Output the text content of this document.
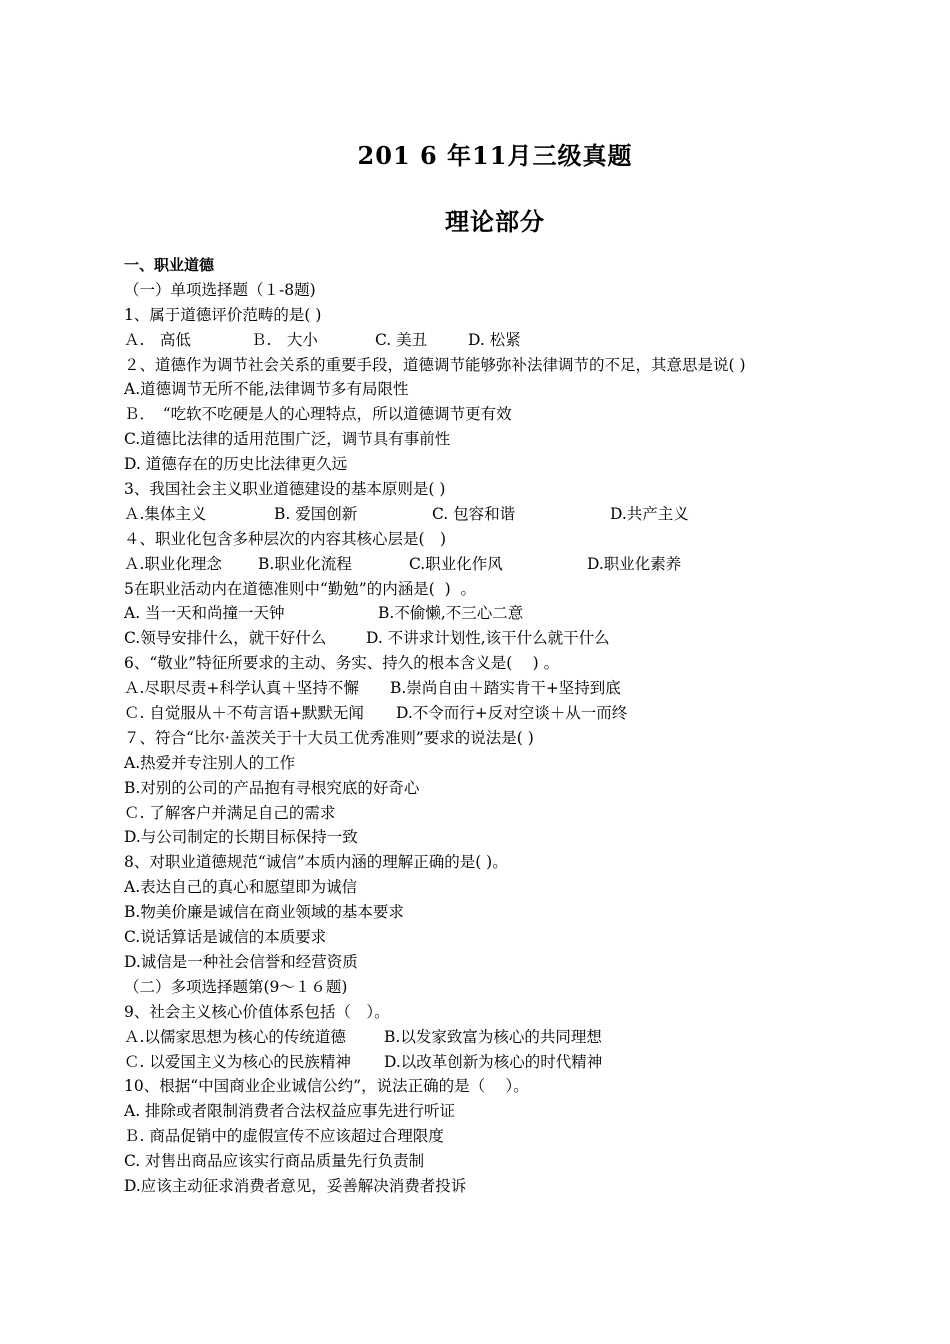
201 6 年11月三级真题
理论部分
一、职业道德
（一）单项选择题（１-8题)
1、属于道德评价范畴的是( )
Ａ.　高低	Ｂ.　大小	C. 美丑	D. 松紧
２、道德作为调节社会关系的重要手段，道德调节能够弥补法律调节的不足，其意思是说( )
A.道德调节无所不能,法律调节多有局限性
Ｂ．　“吃软不吃硬是人的心理特点，所以道德调节更有效
C.道德比法律的适用范围广泛，调节具有事前性
D. 道德存在的历史比法律更久远
3、我国社会主义职业道德建设的基本原则是( )
Ａ.集体主义	B. 爱国创新	C. 包容和谐	D.共产主义
４、职业化包含多种层次的内容其核心层是(　)
Ａ.职业化理念	B.职业化流程	C.职业化作风	D.职业化素养
5在职业活动内在道德准则中“勤勉”的内涵是(  )  。
A. 当一天和尚撞一天钟	B.不偷懒,不三心二意
C.领导安排什么，就干好什么	D. 不讲求计划性,该干什么就干什么
6、“敬业”特征所要求的主动、务实、持久的根本含义是(　 ) 。
Ａ.尽职尽责+科学认真＋坚持不懈	B.崇尚自由＋踏实肯干+坚持到底
Ｃ. 自觉服从＋不苟言语+默默无闻	D.不令而行+反对空谈＋从一而终
７、符合“比尔·盖茨关于十大员工优秀准则”要求的说法是( )
A.热爱并专注别人的工作
B.对别的公司的产品抱有寻根究底的好奇心
Ｃ. 了解客户并满足自己的需求
D.与公司制定的长期目标保持一致
8、对职业道德规范“诚信”本质内涵的理解正确的是( )。
A.表达自己的真心和愿望即为诚信
B.物美价廉是诚信在商业领域的基本要求
C.说话算话是诚信的本质要求
D.诚信是一种社会信誉和经营资质
（二）多项选择题第(9～１６题)
9、社会主义核心价值体系包括（　）。
Ａ.以儒家思想为核心的传统道德	B.以发家致富为核心的共同理想
Ｃ. 以爱国主义为核心的民族精神	D.以改革创新为核心的时代精神
10、根据“中国商业企业诚信公约”，说法正确的是（　 ）。
A. 排除或者限制消费者合法权益应事先进行听证
Ｂ. 商品促销中的虚假宣传不应该超过合理限度
C. 对售出商品应该实行商品质量先行负责制
D.应该主动征求消费者意见，妥善解决消费者投诉
